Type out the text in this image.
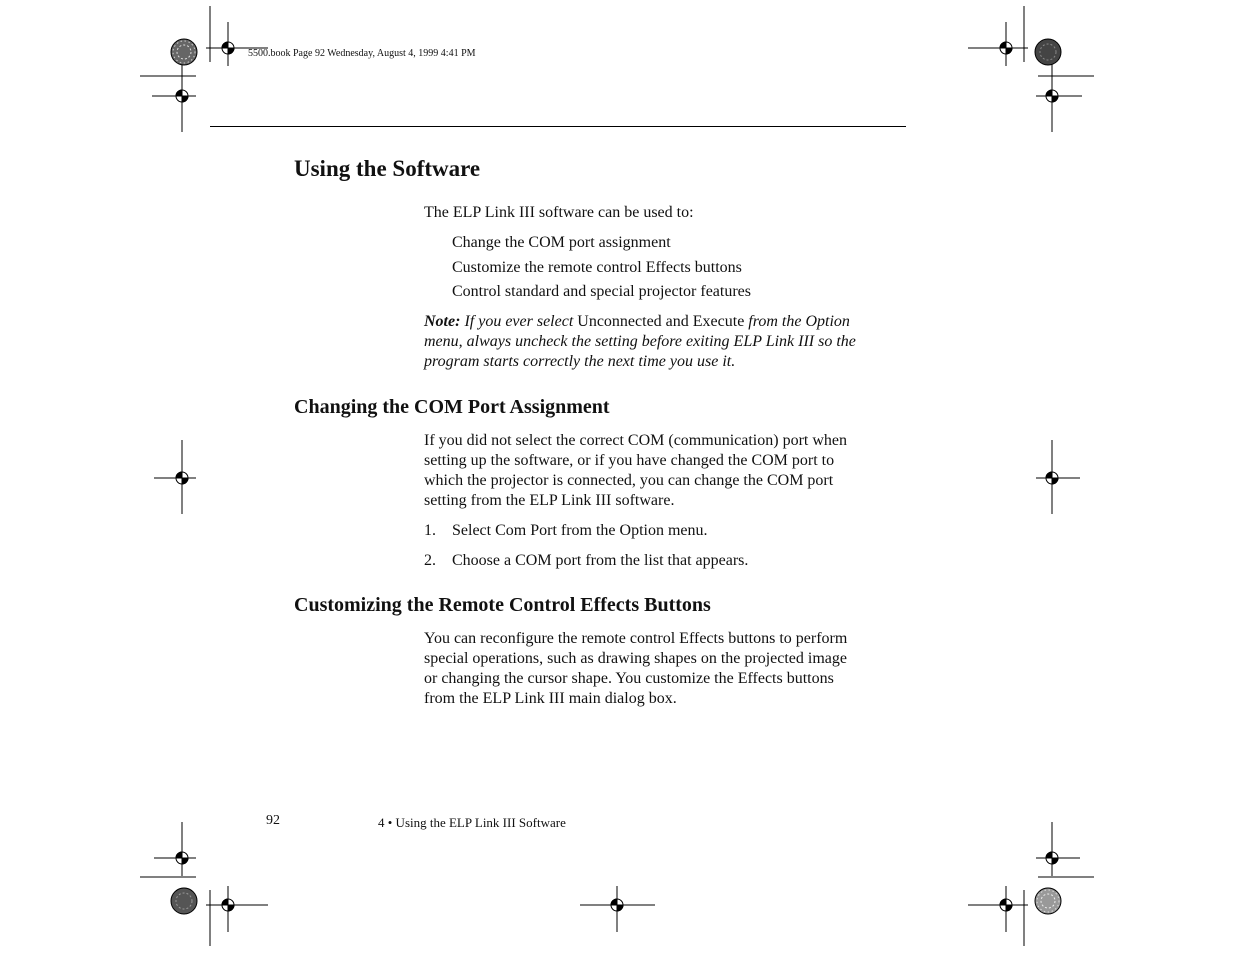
5500.book Page 92 Wednesday, August 4, 1999 4:41 PM
Using the Software

The ELP Link III software can be used to:

Change the COM port assignment

Customize the remote control Effects buttons

Control standard and special projector features

Note: If you ever select Unconnected and Execute from the Option
menu, always uncheck the setting before exiting ELP Link III so the
program starts correctly the next time you use it.
Changing the COM Port Assignment
If you did not select the correct COM (communication) port when
setting up the software, or if you have changed the COM port to
which the projector is connected, you can change the COM port
setting from the ELP Link III software.
1. Select Com Port from the Option menu.
2. Choose a COM port from the list that appears.
Customizing the Remote Control Effects Buttons
You can reconfigure the remote control Effects buttons to perform
special operations, such as drawing shapes on the projected image
or changing the cursor shape. You customize the Effects buttons
from the ELP Link III main dialog box.
92	4 • Using the ELP Link III Software
